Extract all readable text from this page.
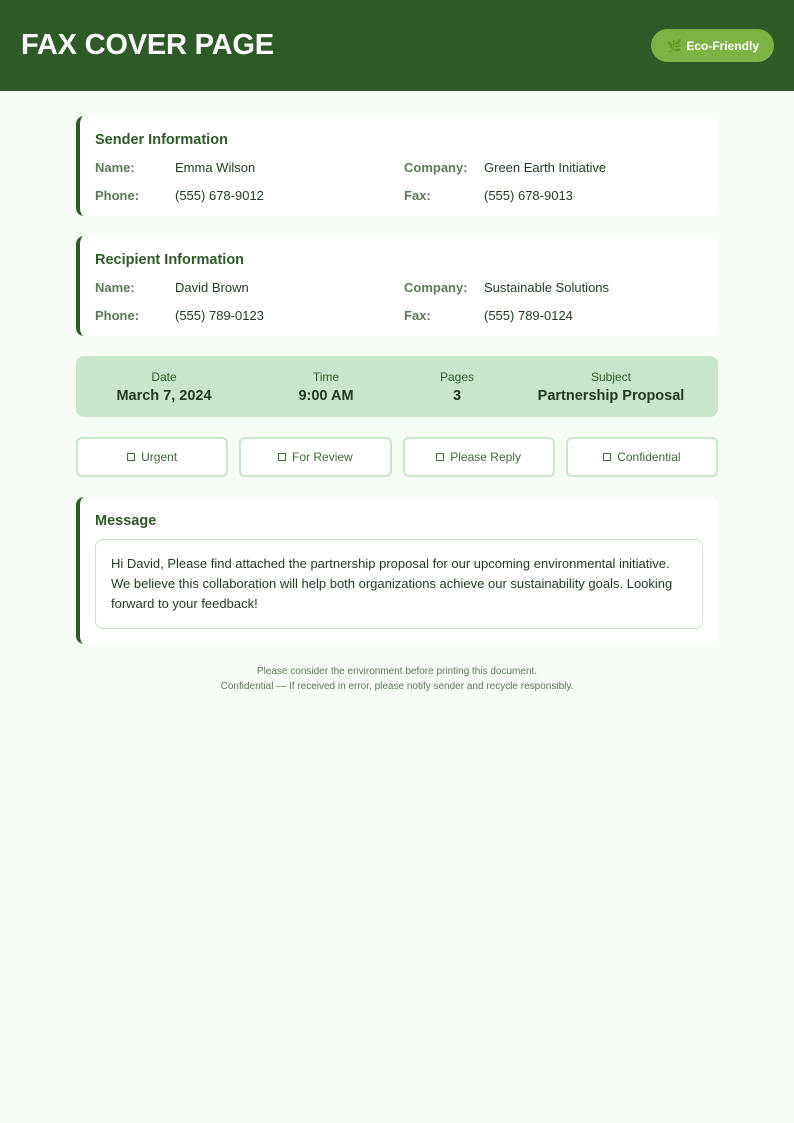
FAX COVER PAGE	🌿 Eco-Friendly
Sender Information
Name:	Emma Wilson	Company:	Green Earth Initiative
Phone:	(555) 678-9012	Fax:	(555) 678-9013
Recipient Information
Name:	David Brown	Company:	Sustainable Solutions
Phone:	(555) 789-0123	Fax:	(555) 789-0124
Date
March 7, 2024
Time
9:00 AM
Pages
3
Subject
Partnership Proposal
Urgent	For Review	Please Reply	Confidential
Message
Hi David, Please find attached the partnership proposal for our upcoming environmental initiative. We believe this collaboration will help both organizations achieve our sustainability goals. Looking forward to your feedback!
Please consider the environment before printing this document.
Confidential — If received in error, please notify sender and recycle responsibly.
